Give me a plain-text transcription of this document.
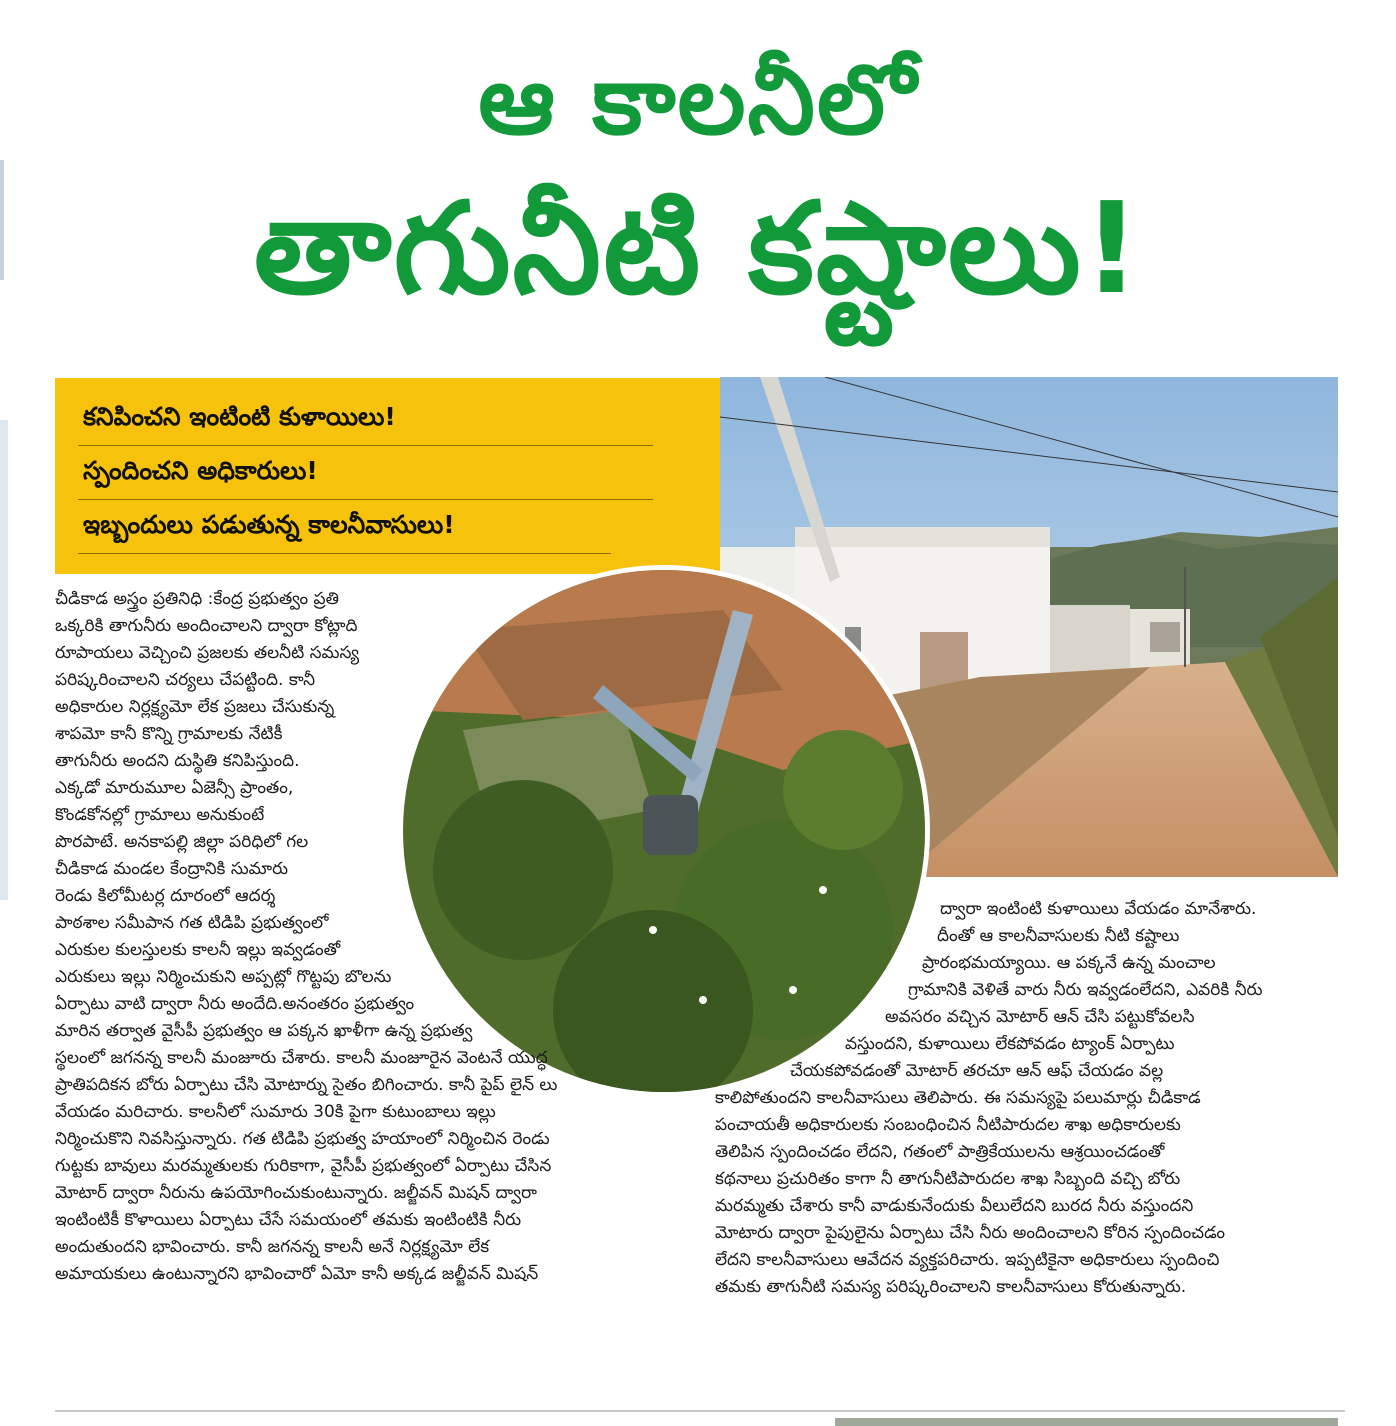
ఆ కాలనీలో
తాగునీటి కష్టాలు!
కనిపించని ఇంటింటి కుళాయిలు!
స్పందించని అధికారులు!
ఇబ్బందులు పడుతున్న కాలనీవాసులు!
చీడికాడ అస్త్రం ప్రతినిధి :కేంద్ర ప్రభుత్వం ప్రతి
ఒక్కరికి తాగునీరు అందించాలని ద్వారా కోట్లాది
రూపాయలు వెచ్చించి ప్రజలకు తలనీటి సమస్య
పరిష్కరించాలని చర్యలు చేపట్టింది. కానీ
అధికారుల నిర్లక్ష్యమో లేక ప్రజలు చేసుకున్న
శాపమో కానీ కొన్ని గ్రామాలకు నేటికీ
తాగునీరు అందని దుస్థితి కనిపిస్తుంది.
ఎక్కడో మారుమూల ఏజెన్సీ ప్రాంతం,
కొండకోనల్లో గ్రామాలు అనుకుంటే
పొరపాటే. అనకాపల్లి జిల్లా పరిధిలో గల
చీడికాడ మండల కేంద్రానికి సుమారు
రెండు కిలోమీటర్ల దూరంలో ఆదర్శ
పాఠశాల సమీపాన గత టిడిపి ప్రభుత్వంలో
ఎరుకుల కులస్తులకు కాలనీ ఇల్లు ఇవ్వడంతో
ఎరుకులు ఇల్లు నిర్మించుకుని అప్పట్లో గొట్టపు బొలను
ఏర్పాటు వాటి ద్వారా నీరు అందేది.అనంతరం ప్రభుత్వం
మారిన తర్వాత వైసీపీ ప్రభుత్వం ఆ పక్కన ఖాళీగా ఉన్న ప్రభుత్వ
స్థలంలో జగనన్న కాలనీ మంజూరు చేశారు. కాలనీ మంజూరైన వెంటనే యుద్ధ
ప్రాతిపదికన బోరు ఏర్పాటు చేసి మోటార్ను సైతం బిగించారు. కానీ పైప్ లైన్ లు
వేయడం మరిచారు. కాలనీలో సుమారు 30కి పైగా కుటుంబాలు ఇల్లు
నిర్మించుకొని నివసిస్తున్నారు. గత టిడిపి ప్రభుత్వ హయాంలో నిర్మించిన రెండు
గుట్టకు బావులు మరమ్మతులకు గురికాగా, వైసీపీ ప్రభుత్వంలో ఏర్పాటు చేసిన
మోటార్ ద్వారా నీరును ఉపయోగించుకుంటున్నారు. జల్జీవన్ మిషన్ ద్వారా
ఇంటింటికీ కొళాయిలు ఏర్పాటు చేసే సమయంలో తమకు ఇంటింటికి నీరు
అందుతుందని భావించారు. కానీ జగనన్న కాలనీ అనే నిర్లక్ష్యమో లేక
అమాయకులు ఉంటున్నారని భావించారో ఏమో కానీ అక్కడ జల్జీవన్ మిషన్
ద్వారా ఇంటింటి కుళాయిలు వేయడం మానేశారు.
దీంతో ఆ కాలనీవాసులకు నీటి కష్టాలు
ప్రారంభమయ్యాయి. ఆ పక్కనే ఉన్న మంచాల
గ్రామానికి వెళితే వారు నీరు ఇవ్వడంలేదని, ఎవరికి నీరు
అవసరం వచ్చిన మోటార్ ఆన్ చేసి పట్టుకోవలసి
వస్తుందని, కుళాయిలు లేకపోవడం ట్యాంక్ ఏర్పాటు
చేయకపోవడంతో మోటార్ తరచూ ఆన్ ఆఫ్ చేయడం వల్ల
కాలిపోతుందని కాలనీవాసులు తెలిపారు. ఈ సమస్యపై పలుమార్లు చీడికాడ
పంచాయతీ అధికారులకు సంబంధించిన నీటిపారుదల శాఖ అధికారులకు
తెలిపిన స్పందించడం లేదని, గతంలో పాత్రికేయులను ఆశ్రయించడంతో
కథనాలు ప్రచురితం కాగా నీ తాగునీటిపారుదల శాఖ సిబ్బంది వచ్చి బోరు
మరమ్మతు చేశారు కానీ వాడుకునేందుకు వీలులేదని బురద నీరు వస్తుందని
మోటారు ద్వారా పైపులైను ఏర్పాటు చేసి నీరు అందించాలని కోరిన స్పందించడం
లేదని కాలనీవాసులు ఆవేదన వ్యక్తపరిచారు. ఇప్పటికైనా అధికారులు స్పందించి
తమకు తాగునీటి సమస్య పరిష్కరించాలని కాలనీవాసులు కోరుతున్నారు.
